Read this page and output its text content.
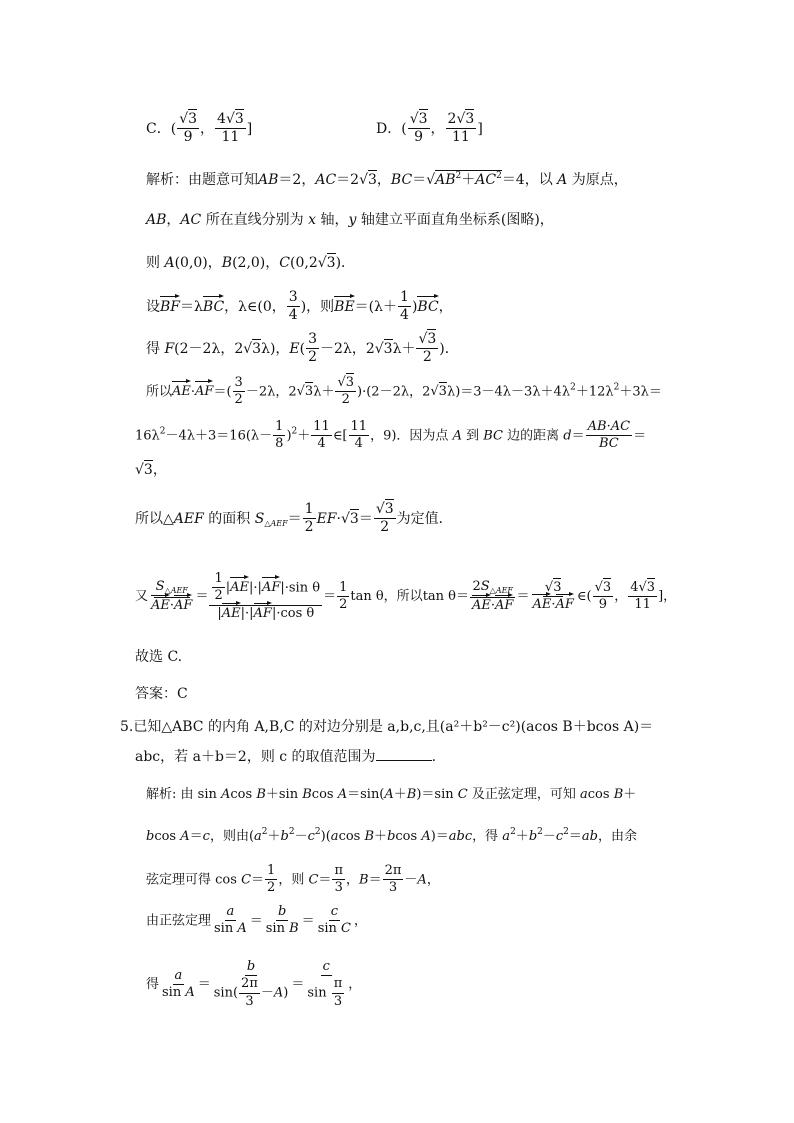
C．(
√ $\frac{3}{9}$ ， $\frac{4√ 3}{11}$ ]	D．(
√ $\frac{3}{9}$ ， $\frac{2√ 3}{11}$ ]
解析：由题意可知AB＝2，AC＝2√ 3，BC＝√ $AB^2+AC^2=4$，以 A 为原点，
AB，AC 所在直线分别为 x 轴，y 轴建立平面直角坐标系(图略)，
则 A(0,0)，B(2,0)，C(0,2√ 3)．
设BF＝λBC，λ∈(0， $\frac{3}{4}$ )，则$BE=(\lambda+ \frac{1}{4} )BC$，
得 F(2－2λ，2√ 3λ)，$E( \frac{3}{2} -2\lambda$，2√ 3λ＋
√ $\frac{3}{2}$ )．
所以$AE\cdot AF=( \frac{3}{2} -2\lambda$，2√ 3λ＋
√ $\frac{3}{2} )\cdot(2-2\lambda$，2√ $3\lambda)=3-4\lambda-3\lambda+4\lambda^2+12\lambda^2+3\lambda=$
$16\lambda^2-4\lambda+3=16(\lambda- \frac{1}{8} )^2+ \frac{11}{4}$ ∈[ $\frac{11}{4}$ ，9)．因为点 A 到 BC 边的距离 $d= \frac{AB\cdot AC}{BC}$ ＝
√ 3，
所以△AEF 的面积 $S_{\triangle AEF}= \frac{1}{2} EF\cdot√$ 3＝
√ $\frac{3}{2}$ 为定值．
又 $\frac{S_{\triangle AEF}}{AE\cdot AF} = \frac{\frac{1}{2} |AE|\cdot|AF|\cdot\sin \theta}{\text{|AE|·|AF|·cos θ}} = \frac{1}{2}$ tan θ，所以$\tan \theta= \frac{2S_{\triangle AEF}}{AE\cdot AF}$ ＝
√ $\frac{3}{AE\cdot AF}$ ∈(
√ $\frac{3}{9}$ ， $\frac{4√ 3}{11}$ ]，
故选 C.
答案：C
5.已知△ABC 的内角 A,B,C 的对边分别是 a,b,c,且(a²＋b²－c²)(acos B＋bcos A)＝
abc，若 a＋b＝2，则 c 的取值范围为	.
解析: 由 sin Acos B＋sin Bcos A＝sin(A＋B)＝sin C 及正弦定理，可知 acos B＋
bcos A＝c，则由$(a^2+b^2-c^2)(acos$ B＋bcos A)＝abc，得 $a^2+b^2-c^2=ab$，由余
弦定理可得 $\cos C= \frac{1}{2}$ ，则 $C= \frac{\pi}{3}$ ，$B= \frac{2\pi}{3} -A$，
由正弦定理 $\frac{a}{\text{sin A}} = \frac{b}{\text{sin B}} = \frac{c}{\text{sin C}}$ ，
得 $\frac{a}{\text{sin A}} = \frac{b}{\sin( \frac{2\pi}{3} -A)} = \frac{c}{\sin \frac{\pi}{3}}$ ，
